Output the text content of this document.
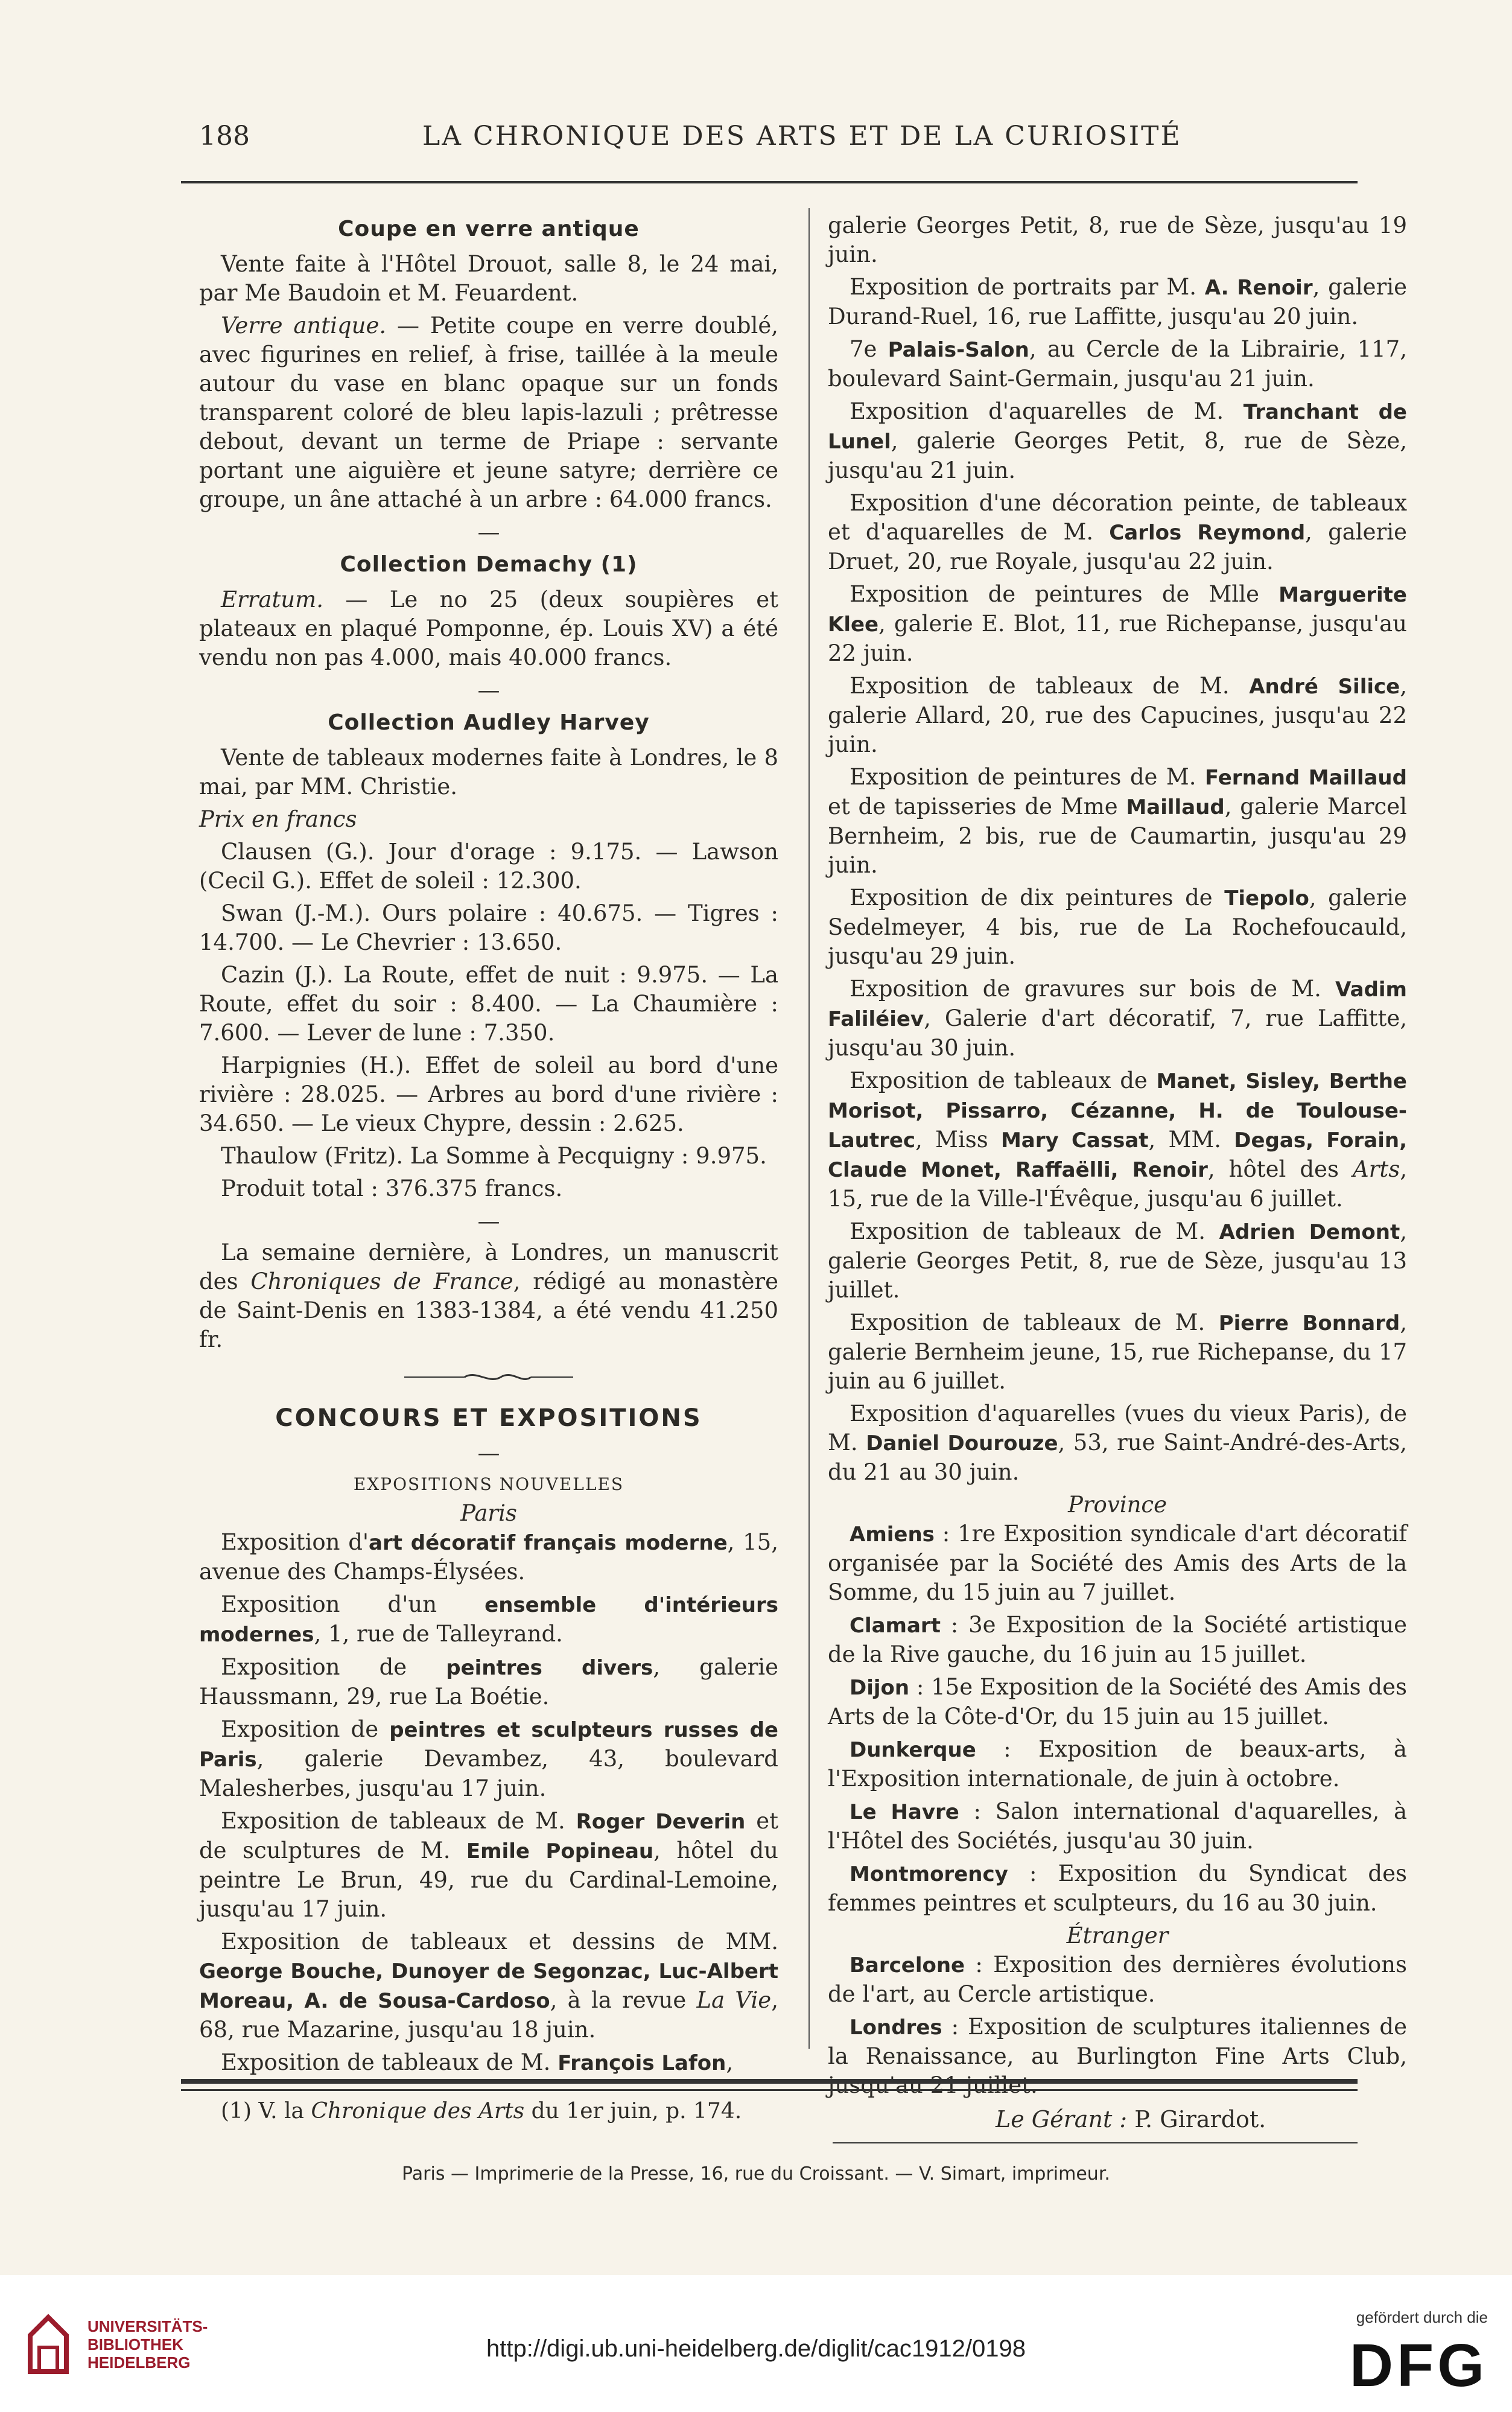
188	LA CHRONIQUE DES ARTS ET DE LA CURIOSITÉ
Coupe en verre antique

Vente faite à l'Hôtel Drouot, salle 8, le 24 mai, par Me Baudoin et M. Feuardent.

Verre antique. — Petite coupe en verre doublé, avec figurines en relief, à frise, taillée à la meule autour du vase en blanc opaque sur un fonds transparent coloré de bleu lapis-lazuli ; prêtresse debout, devant un terme de Priape : servante portant une aiguière et jeune satyre; derrière ce groupe, un âne attaché à un arbre : 64.000 francs.

—
Collection Demachy (1)

Erratum. — Le no 25 (deux soupières et plateaux en plaqué Pomponne, ép. Louis XV) a été vendu non pas 4.000, mais 40.000 francs.

—
Collection Audley Harvey

Vente de tableaux modernes faite à Londres, le 8 mai, par MM. Christie.

Prix en francs

Clausen (G.). Jour d'orage : 9.175. — Lawson (Cecil G.). Effet de soleil : 12.300.

Swan (J.-M.). Ours polaire : 40.675. — Tigres : 14.700. — Le Chevrier : 13.650.

Cazin (J.). La Route, effet de nuit : 9.975. — La Route, effet du soir : 8.400. — La Chaumière : 7.600. — Lever de lune : 7.350.

Harpignies (H.). Effet de soleil au bord d'une rivière : 28.025. — Arbres au bord d'une rivière : 34.650. — Le vieux Chypre, dessin : 2.625.

Thaulow (Fritz). La Somme à Pecquigny : 9.975.

Produit total : 376.375 francs.

—

La semaine dernière, à Londres, un manuscrit des Chroniques de France, rédigé au monastère de Saint-Denis en 1383-1384, a été vendu 41.250 fr.

CONCOURS ET EXPOSITIONS
—
EXPOSITIONS NOUVELLES
Paris

Exposition d'art décoratif français moderne, 15, avenue des Champs-Élysées.

Exposition d'un ensemble d'intérieurs modernes, 1, rue de Talleyrand.

Exposition de peintres divers, galerie Haussmann, 29, rue La Boétie.

Exposition de peintres et sculpteurs russes de Paris, galerie Devambez, 43, boulevard Malesherbes, jusqu'au 17 juin.

Exposition de tableaux de M. Roger Deverin et de sculptures de M. Emile Popineau, hôtel du peintre Le Brun, 49, rue du Cardinal-Lemoine, jusqu'au 17 juin.

Exposition de tableaux et dessins de MM. George Bouche, Dunoyer de Segonzac, Luc-Albert Moreau, A. de Sousa-Cardoso, à la revue La Vie, 68, rue Mazarine, jusqu'au 18 juin.

Exposition de tableaux de M. François Lafon,

(1) V. la Chronique des Arts du 1er juin, p. 174.

galerie Georges Petit, 8, rue de Sèze, jusqu'au 19 juin.

Exposition de portraits par M. A. Renoir, galerie Durand-Ruel, 16, rue Laffitte, jusqu'au 20 juin.

7e Palais-Salon, au Cercle de la Librairie, 117, boulevard Saint-Germain, jusqu'au 21 juin.

Exposition d'aquarelles de M. Tranchant de Lunel, galerie Georges Petit, 8, rue de Sèze, jusqu'au 21 juin.

Exposition d'une décoration peinte, de tableaux et d'aquarelles de M. Carlos Reymond, galerie Druet, 20, rue Royale, jusqu'au 22 juin.

Exposition de peintures de Mlle Marguerite Klee, galerie E. Blot, 11, rue Richepanse, jusqu'au 22 juin.

Exposition de tableaux de M. André Silice, galerie Allard, 20, rue des Capucines, jusqu'au 22 juin.

Exposition de peintures de M. Fernand Maillaud et de tapisseries de Mme Maillaud, galerie Marcel Bernheim, 2 bis, rue de Caumartin, jusqu'au 29 juin.

Exposition de dix peintures de Tiepolo, galerie Sedelmeyer, 4 bis, rue de La Rochefoucauld, jusqu'au 29 juin.

Exposition de gravures sur bois de M. Vadim Faliléiev, Galerie d'art décoratif, 7, rue Laffitte, jusqu'au 30 juin.

Exposition de tableaux de Manet, Sisley, Berthe Morisot, Pissarro, Cézanne, H. de Toulouse-Lautrec, Miss Mary Cassat, MM. Degas, Forain, Claude Monet, Raffaëlli, Renoir, hôtel des Arts, 15, rue de la Ville-l'Évêque, jusqu'au 6 juillet.

Exposition de tableaux de M. Adrien Demont, galerie Georges Petit, 8, rue de Sèze, jusqu'au 13 juillet.

Exposition de tableaux de M. Pierre Bonnard, galerie Bernheim jeune, 15, rue Richepanse, du 17 juin au 6 juillet.

Exposition d'aquarelles (vues du vieux Paris), de M. Daniel Dourouze, 53, rue Saint-André-des-Arts, du 21 au 30 juin.

Province

Amiens : 1re Exposition syndicale d'art décoratif organisée par la Société des Amis des Arts de la Somme, du 15 juin au 7 juillet.

Clamart : 3e Exposition de la Société artistique de la Rive gauche, du 16 juin au 15 juillet.

Dijon : 15e Exposition de la Société des Amis des Arts de la Côte-d'Or, du 15 juin au 15 juillet.

Dunkerque : Exposition de beaux-arts, à l'Exposition internationale, de juin à octobre.

Le Havre : Salon international d'aquarelles, à l'Hôtel des Sociétés, jusqu'au 30 juin.

Montmorency : Exposition du Syndicat des femmes peintres et sculpteurs, du 16 au 30 juin.

Étranger

Barcelone : Exposition des dernières évolutions de l'art, au Cercle artistique.

Londres : Exposition de sculptures italiennes de la Renaissance, au Burlington Fine Arts Club, jusqu'au 21 juillet.

Le Gérant : P. Girardot.
Paris — Imprimerie de la Presse, 16, rue du Croissant. — V. Simart, imprimeur.
UNIVERSITÄTS-
BIBLIOTHEK
HEIDELBERG
http://digi.ub.uni-heidelberg.de/diglit/cac1912/0198
gefördert durch die
DFG
